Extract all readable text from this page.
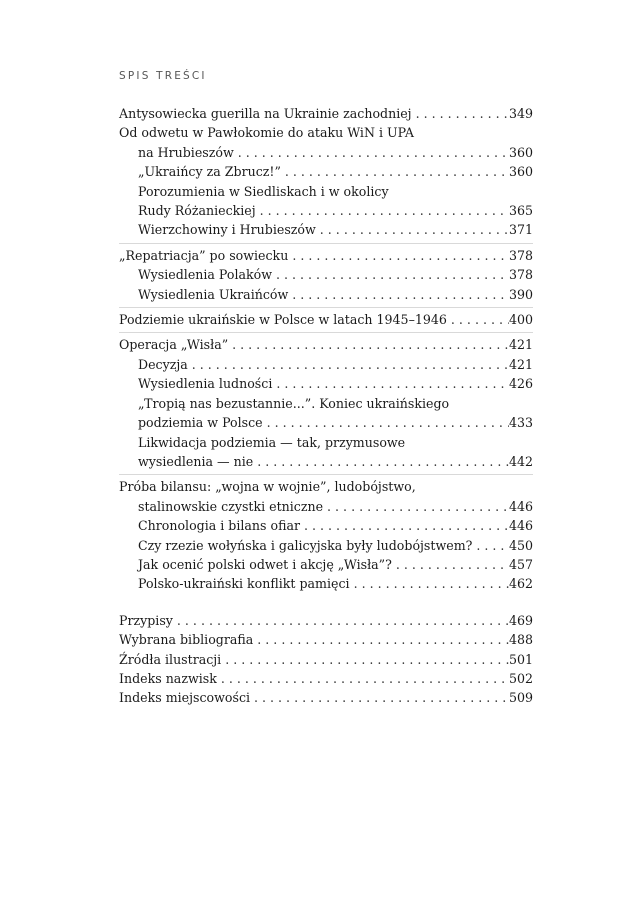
SPIS TREŚCI
Antysowiecka guerilla na Ukrainie zachodniej . . .	349
Od odwetu w Pawłokomie do ataku WiN i UPA
na Hrubieszów . . .	360
„Ukraińcy za Zbrucz!” . . .	360
Porozumienia w Siedliskach i w okolicy
Rudy Różanieckiej . . .	365
Wierzchowiny i Hrubieszów . . .	371
„Repatriacja” po sowiecku . . .	378
Wysiedlenia Polaków . . .	378
Wysiedlenia Ukraińców . . .	390
Podziemie ukraińskie w Polsce w latach 1945–1946 . . .	400
Operacja „Wisła” . . .	421
Decyzja . . .	421
Wysiedlenia ludności . . .	426
„Tropią nas bezustannie...”. Koniec ukraińskiego
podziemia w Polsce . . .	433
Likwidacja podziemia — tak, przymusowe
wysiedlenia — nie . . .	442
Próba bilansu: „wojna w wojnie”, ludobójstwo,
stalinowskie czystki etniczne . . .	446
Chronologia i bilans ofiar . . .	446
Czy rzezie wołyńska i galicyjska były ludobójstwem? . . .	450
Jak ocenić polski odwet i akcję „Wisła”? . . .	457
Polsko-ukraiński konflikt pamięci . . .	462
Przypisy . . .	469
Wybrana bibliografia . . .	488
Źródła ilustracji . . .	501
Indeks nazwisk . . .	502
Indeks miejscowości . . .	509
